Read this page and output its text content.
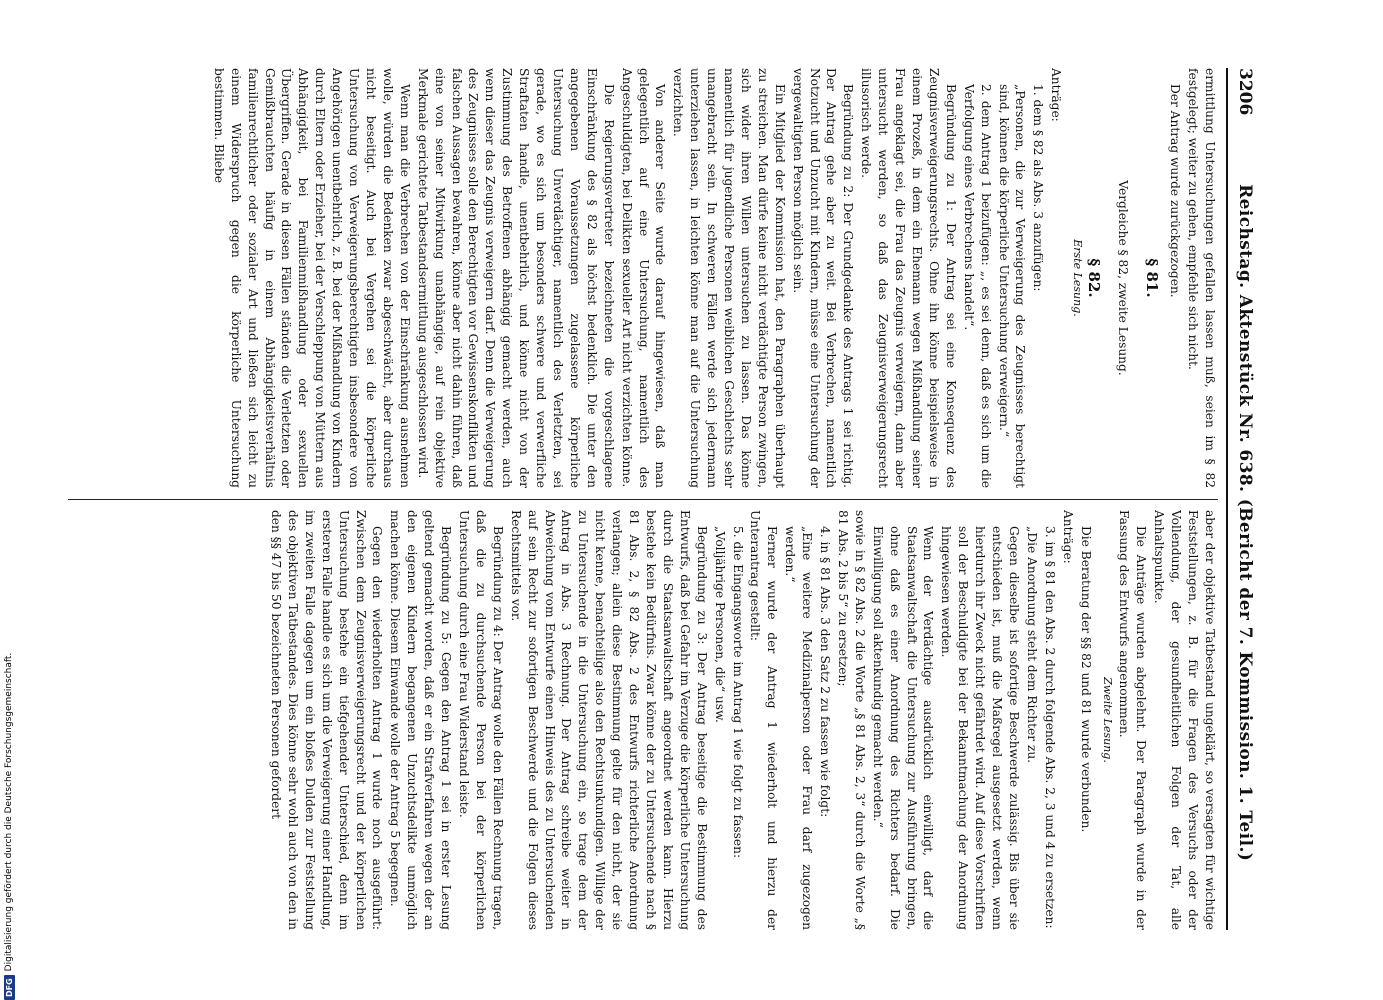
3206
Reichstag. Aktenstück Nr. 638. (Bericht der 7. Kommission. 1. Teil.)

ermittlung Untersuchungen gefallen lassen muß, seien im § 82 festgelegt; weiter zu gehen, empfehle sich nicht.

Der Antrag wurde zurückgezogen.

§ 81.

Vergleiche § 82, zweite Lesung.

§ 82.

Erste Lesung.

Anträge:

1. dem § 82 als Abs. 3 anzufügen:

„Personen, die zur Verweigerung des Zeugnisses berechtigt sind, können die körperliche Untersuchung verweigern.“

2. dem Antrag 1 beizufügen: „, es sei denn, daß es sich um die Verfolgung eines Verbrechens handelt“.

Begründung zu 1: Der Antrag sei eine Konsequenz des Zeugnisverweigerungsrechts. Ohne ihn könne beispielsweise in einem Prozeß, in dem ein Ehemann wegen Mißhandlung seiner Frau angeklagt sei, die Frau das Zeugnis verweigern, dann aber untersucht werden, so daß das Zeugnisverweigerungsrecht illusorisch werde.

Begründung zu 2: Der Grundgedanke des Antrags 1 sei richtig. Der Antrag gehe aber zu weit. Bei Verbrechen, namentlich Notzucht und Unzucht mit Kindern, müsse eine Untersuchung der vergewaltigten Person möglich sein.

Ein Mitglied der Kommission hat, den Paragraphen überhaupt zu streichen. Man dürfe keine nicht verdächtigte Person zwingen, sich wider ihren Willen untersuchen zu lassen. Das könne namentlich für jugendliche Personen weiblichen Geschlechts sehr unangebracht sein. In schweren Fällen werde sich jedermann unterziehen lassen, in leichten könne man auf die Untersuchung verzichten.

Von anderer Seite wurde darauf hingewiesen, daß man gelegentlich auf eine Untersuchung, namentlich des Angeschuldigten, bei Delikten sexueller Art nicht verzichten könne.

Die Regierungsvertreter bezeichneten die vorgeschlagene Einschränkung des § 82 als höchst bedenklich. Die unter den angegebenen Voraussetzungen zugelassene körperliche Untersuchung Unverdächtiger, namentlich des Verletzten, sei gerade, wo es sich um besonders schwere und verwerfliche Straftaten handle, unentbehrlich, und könne nicht von der Zustimmung des Betroffenen abhängig gemacht werden, auch wenn dieser das Zeugnis verweigern darf. Denn die Verweigerung des Zeugnisses solle den Berechtigten vor Gewissenskonflikten und falschen Aussagen bewahren, könne aber nicht dahin führen, daß eine von seiner Mitwirkung unabhängige, auf rein objektive Merkmale gerichtete Tatbestandsermittlung ausgeschlossen wird.

Wenn man die Verbrechen von der Einschränkung ausnehmen wolle, würden die Bedenken zwar abgeschwächt, aber durchaus nicht beseitigt. Auch bei Vergehen sei die körperliche Untersuchung von Verweigerungsberechtigten insbesondere von Angehörigen unentbehrlich, z. B. bei der Mißhandlung von Kindern durch Eltern oder Erzieher, bei der Verschleppung von Müttern aus Abhängigkeit, bei Familienmißhandlung oder sexuellen Übergriffen. Gerade in diesen Fällen ständen die Verletzten oder Gemißbrauchten häufig in einem Abhängigkeitsverhältnis familienrechtlicher oder sozialer Art und ließen sich leicht zu einem Widerspruch gegen die körperliche Untersuchung bestimmen. Bliebe

aber der objektive Tatbestand ungeklärt, so versagten für wichtige Feststellungen, z. B. für die Fragen des Versuchs oder der Vollendung, der gesundheitlichen Folgen der Tat, alle Anhaltspunkte.

Die Anträge wurden abgelehnt. Der Paragraph wurde in der Fassung des Entwurfs angenommen.

Zweite Lesung.

Die Beratung der §§ 82 und 81 wurde verbunden.

Anträge:

3. im § 81 den Abs. 2 durch folgende Abs. 2, 3 und 4 zu ersetzen:

„Die Anordnung steht dem Richter zu.

Gegen dieselbe ist sofortige Beschwerde zulässig. Bis über sie entschieden ist, muß die Maßregel ausgesetzt werden, wenn hierdurch ihr Zweck nicht gefährdet wird. Auf diese Vorschriften soll der Beschuldigte bei der Bekanntmachung der Anordnung hingewiesen werden.

Wenn der Verdächtige ausdrücklich einwilligt, darf die Staatsanwaltschaft die Untersuchung zur Ausführung bringen, ohne daß es einer Anordnung des Richters bedarf. Die Einwilligung soll aktenkundig gemacht werden.“

sowie in § 82 Abs. 2 die Worte „§ 81 Abs. 2, 3“ durch die Worte „§ 81 Abs. 2 bis 5“ zu ersetzen;

4. in § 81 Abs. 3 den Satz 2 zu fassen wie folgt:

„Eine weitere Medizinalperson oder Frau darf zugezogen werden.“

Ferner wurde der Antrag 1 wiederholt und hierzu der Unterantrag gestellt:

5. die Eingangsworte im Antrag 1 wie folgt zu fassen:

„Volljährige Personen, die“ usw.

Begründung zu 3: Der Antrag beseitige die Bestimmung des Entwurfs, daß bei Gefahr im Verzuge die körperliche Untersuchung durch die Staatsanwaltschaft angeordnet werden kann. Hierzu bestehe kein Bedürfnis. Zwar könne der zu Untersuchende nach § 81 Abs. 2, § 82 Abs. 2 des Entwurfs richterliche Anordnung verlangen; allein diese Bestimmung gelte für den nicht, der sie nicht kenne, benachteilige also den Rechtsunkundigen. Willige der zu Untersuchende in die Untersuchung ein, so trage dem der Antrag in Abs. 3 Rechnung. Der Antrag schreibe weiter in Abweichung vom Entwurfe einen Hinweis des zu Untersuchenden auf sein Recht zur sofortigen Beschwerde und die Folgen dieses Rechtsmittels vor.

Begründung zu 4: Der Antrag wolle den Fällen Rechnung tragen, daß die zu durchsuchende Person bei der körperlichen Untersuchung durch eine Frau Widerstand leiste.

Begründung zu 5: Gegen den Antrag 1 sei in erster Lesung geltend gemacht worden, daß er ein Strafverfahren wegen der an den eigenen Kindern begangenen Unzuchtsdelikte unmöglich machen könne. Diesem Einwande wolle der Antrag 5 begegnen.

Gegen den wiederholten Antrag 1 wurde noch ausgeführt: Zwischen dem Zeugnisverweigerungsrecht und der körperlichen Untersuchung bestehe ein tiefgehender Unterschied, denn im ersteren Falle handle es sich um die Verweigerung einer Handlung, im zweiten Falle dagegen um ein bloßes Dulden zur Feststellung des objektiven Tatbestandes. Dies könne sehr wohl auch von den in den §§ 47 bis 50 bezeichneten Personen gefordert

DFG
Digitalisierung gefördert durch die Deutsche Forschungsgemeinschaft.
